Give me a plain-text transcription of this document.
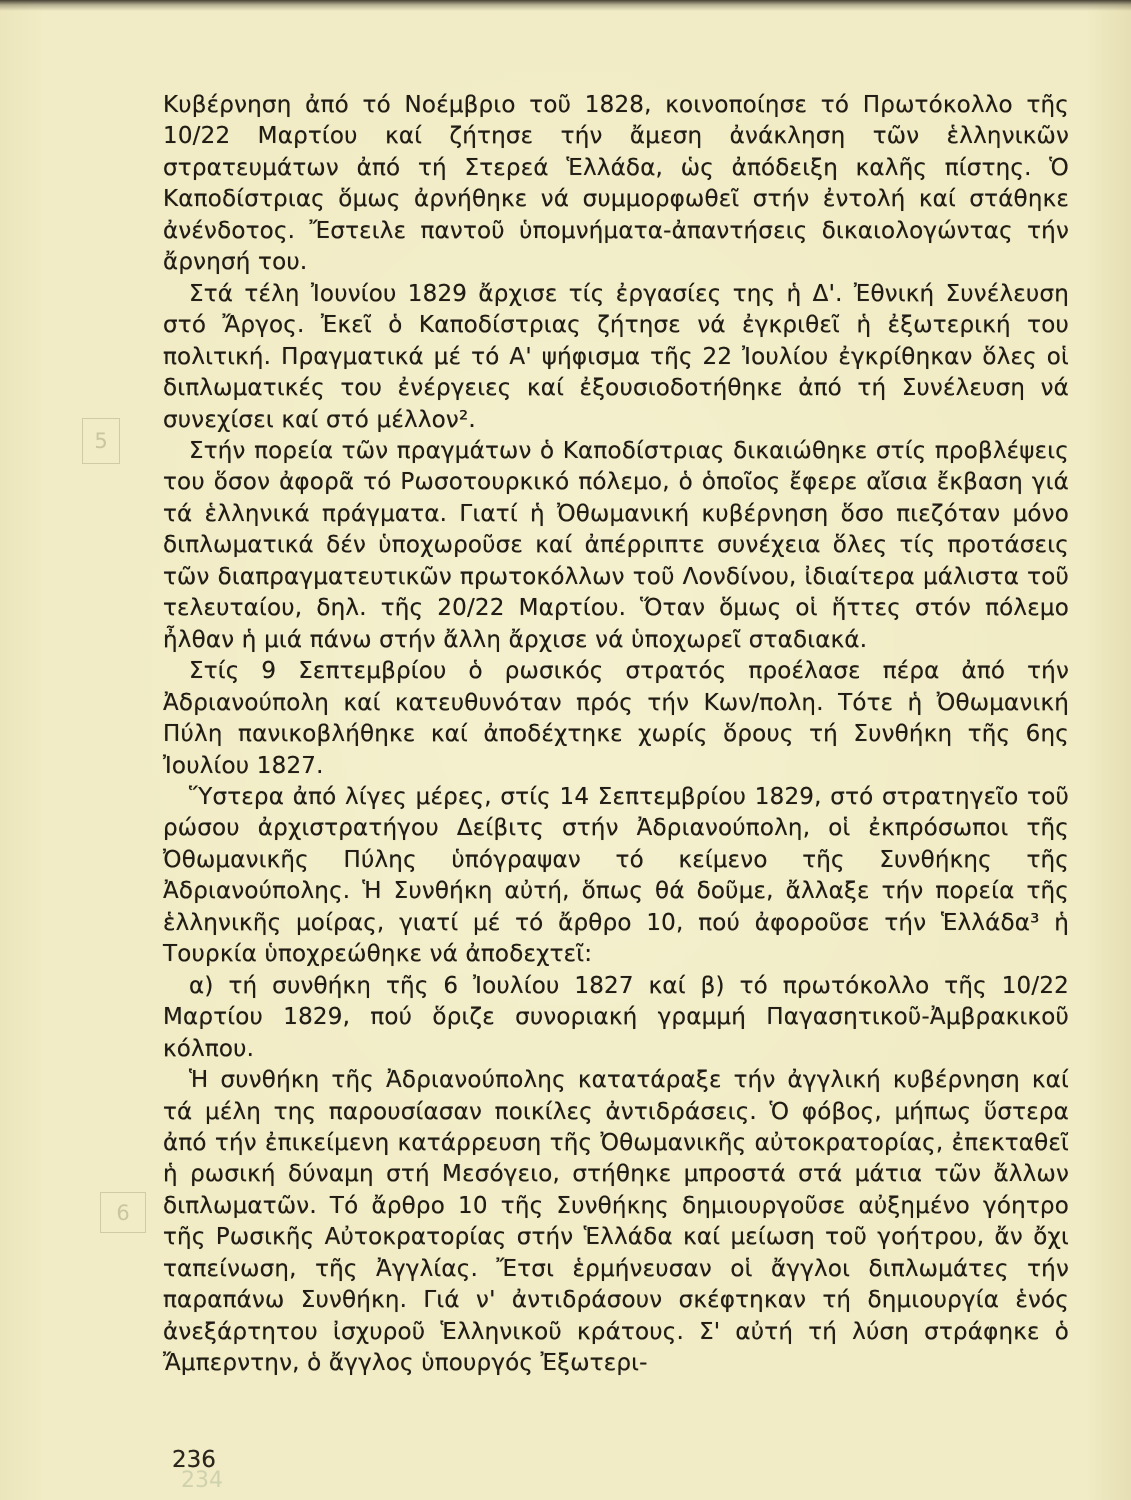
5
6

Κυβέρνηση ἀπό τό Νοέμβριο τοῦ 1828, κοινοποίησε τό Πρωτόκολλο τῆς 10/22 Μαρτίου καί ζήτησε τήν ἄμεση ἀνάκληση τῶν ἑλληνικῶν στρατευμάτων ἀπό τή Στερεά Ἑλλάδα, ὡς ἀπόδειξη καλῆς πίστης. Ὁ Καποδίστριας ὅμως ἀρνήθηκε νά συμμορφωθεῖ στήν ἐντολή καί στάθηκε ἀνένδοτος. Ἔστειλε παντοῦ ὑπομνήματα-ἀπαντήσεις δικαιολογώντας τήν ἄρνησή του.

Στά τέλη Ἰουνίου 1829 ἄρχισε τίς ἐργασίες της ἡ Δ'. Ἐθνική Συνέλευση στό Ἄργος. Ἐκεῖ ὁ Καποδίστριας ζήτησε νά ἐγκριθεῖ ἡ ἐξωτερική του πολιτική. Πραγματικά μέ τό Α' ψήφισμα τῆς 22 Ἰουλίου ἐγκρίθηκαν ὅλες οἱ διπλωματικές του ἐνέργειες καί ἐξουσιοδοτήθηκε ἀπό τή Συνέλευση νά συνεχίσει καί στό μέλλον².

Στήν πορεία τῶν πραγμάτων ὁ Καποδίστριας δικαιώθηκε στίς προβλέψεις του ὅσον ἀφορᾶ τό Ρωσοτουρκικό πόλεμο, ὁ ὁποῖος ἔφερε αἴσια ἔκβαση γιά τά ἑλληνικά πράγματα. Γιατί ἡ Ὀθωμανική κυβέρνηση ὅσο πιεζόταν μόνο διπλωματικά δέν ὑποχωροῦσε καί ἀπέρριπτε συνέχεια ὅλες τίς προτάσεις τῶν διαπραγματευτικῶν πρωτοκόλλων τοῦ Λονδίνου, ἰδιαίτερα μάλιστα τοῦ τελευταίου, δηλ. τῆς 20/22 Μαρτίου. Ὅταν ὅμως οἱ ἥττες στόν πόλεμο ἦλθαν ἡ μιά πάνω στήν ἄλλη ἄρχισε νά ὑποχωρεῖ σταδιακά.

Στίς 9 Σεπτεμβρίου ὁ ρωσικός στρατός προέλασε πέρα ἀπό τήν Ἀδριανούπολη καί κατευθυνόταν πρός τήν Κων/πολη. Τότε ἡ Ὀθωμανική Πύλη πανικοβλήθηκε καί ἀποδέχτηκε χωρίς ὅρους τή Συνθήκη τῆς 6ης Ἰουλίου 1827.

Ὕστερα ἀπό λίγες μέρες, στίς 14 Σεπτεμβρίου 1829, στό στρατηγεῖο τοῦ ρώσου ἀρχιστρατήγου Δείβιτς στήν Ἀδριανούπολη, οἱ ἐκπρόσωποι τῆς Ὀθωμανικῆς Πύλης ὑπόγραψαν τό κείμενο τῆς Συνθήκης τῆς Ἀδριανούπολης. Ἡ Συνθήκη αὐτή, ὅπως θά δοῦμε, ἄλλαξε τήν πορεία τῆς ἑλληνικῆς μοίρας, γιατί μέ τό ἄρθρο 10, πού ἀφοροῦσε τήν Ἑλλάδα³ ἡ Τουρκία ὑποχρεώθηκε νά ἀποδεχτεῖ:

α) τή συνθήκη τῆς 6 Ἰουλίου 1827 καί β) τό πρωτόκολλο τῆς 10/22 Μαρτίου 1829, πού ὅριζε συνοριακή γραμμή Παγασητικοῦ-Ἀμβρακικοῦ κόλπου.

Ἡ συνθήκη τῆς Ἀδριανούπολης κατατάραξε τήν ἀγγλική κυβέρνηση καί τά μέλη της παρουσίασαν ποικίλες ἀντιδράσεις. Ὁ φόβος, μήπως ὕστερα ἀπό τήν ἐπικείμενη κατάρρευση τῆς Ὀθωμανικῆς αὐτοκρατορίας, ἐπεκταθεῖ ἡ ρωσική δύναμη στή Μεσόγειο, στήθηκε μπροστά στά μάτια τῶν ἄλλων διπλωματῶν. Τό ἄρθρο 10 τῆς Συνθήκης δημιουργοῦσε αὐξημένο γόητρο τῆς Ρωσικῆς Αὐτοκρατορίας στήν Ἑλλάδα καί μείωση τοῦ γοήτρου, ἄν ὄχι ταπείνωση, τῆς Ἀγγλίας. Ἔτσι ἑρμήνευσαν οἱ ἄγγλοι διπλωμάτες τήν παραπάνω Συνθήκη. Γιά ν' ἀντιδράσουν σκέφτηκαν τή δημιουργία ἑνός ἀνεξάρτητου ἰσχυροῦ Ἑλληνικοῦ κράτους. Σ' αὐτή τή λύση στράφηκε ὁ Ἄμπερντην, ὁ ἄγγλος ὑπουργός Ἐξωτερι-

236
234
